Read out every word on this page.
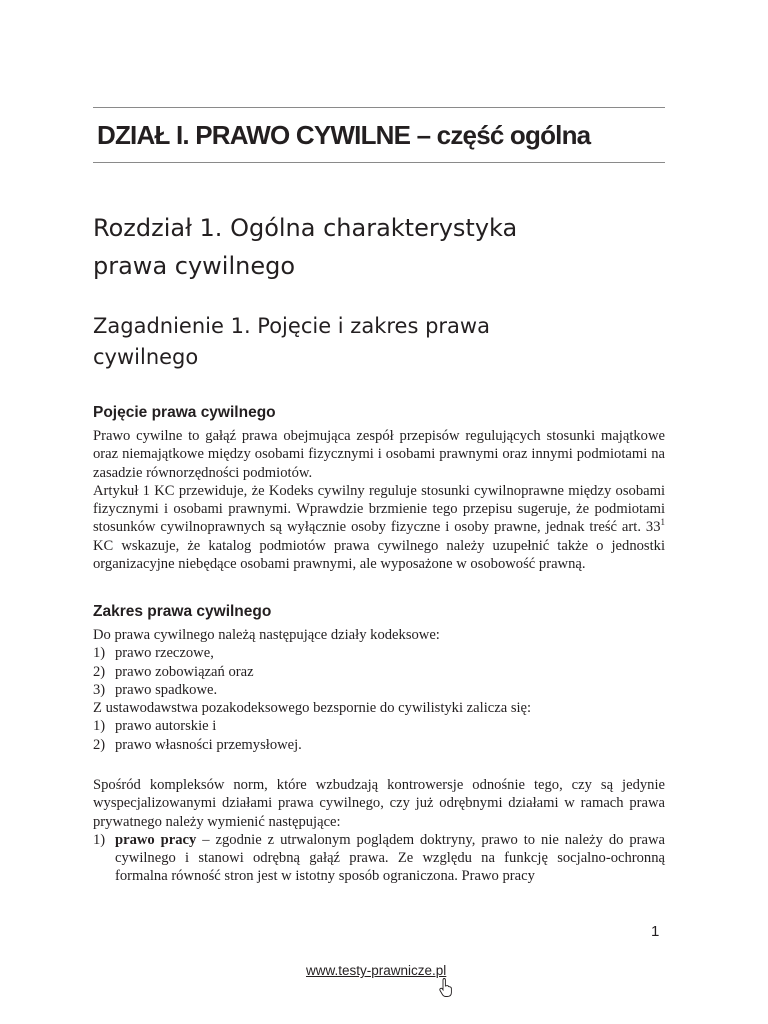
DZIAŁ I. PRAWO CYWILNE – część ogólna
Rozdział 1. Ogólna charakterystyka
prawa cywilnego
Zagadnienie 1. Pojęcie i zakres prawa
cywilnego
Pojęcie prawa cywilnego

Prawo cywilne to gałąź prawa obejmująca zespół przepisów regulujących stosunki majątkowe oraz niemajątkowe między osobami fizycznymi i osobami prawnymi oraz innymi podmiotami na zasadzie równorzędności podmiotów.

Artykuł 1 KC przewiduje, że Kodeks cywilny reguluje stosunki cywilnoprawne między osobami fizycznymi i osobami prawnymi. Wprawdzie brzmienie tego przepisu sugeruje, że podmiotami stosunków cywilnoprawnych są wyłącznie osoby fizyczne i osoby prawne, jednak treść art. $33^1$ KC wskazuje, że katalog podmiotów prawa cywilnego należy uzupełnić także o jednostki organizacyjne niebędące osobami prawnymi, ale wyposażone w osobowość prawną.

Zakres prawa cywilnego

Do prawa cywilnego należą następujące działy kodeksowe:

1) prawo rzeczowe,
2) prawo zobowiązań oraz
3) prawo spadkowe.

Z ustawodawstwa pozakodeksowego bezspornie do cywilistyki zalicza się:

1) prawo autorskie i
2) prawo własności przemysłowej.

Spośród kompleksów norm, które wzbudzają kontrowersje odnośnie tego, czy są jedynie wyspecjalizowanymi działami prawa cywilnego, czy już odrębnymi działami w ramach prawa prywatnego należy wymienić następujące:

1) prawo pracy – zgodnie z utrwalonym poglądem doktryny, prawo to nie należy do prawa cywilnego i stanowi odrębną gałąź prawa. Ze względu na funkcję socjalno-ochronną formalna równość stron jest w istotny sposób ograniczona. Prawo pracy
1
www.testy-prawnicze.pl
